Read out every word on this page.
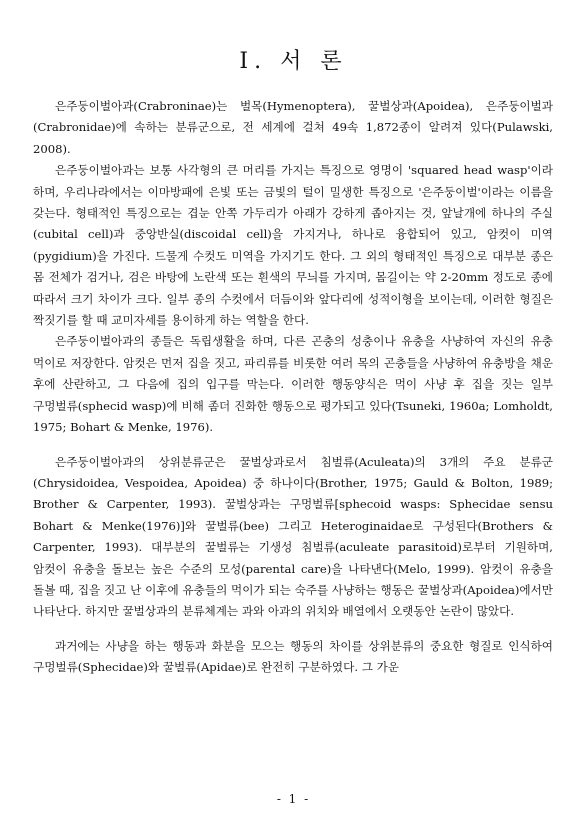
I. 서 론

은주둥이벌아과(Crabroninae)는 벌목(Hymenoptera), 꿀벌상과(Apoidea), 은주둥이벌과(Crabronidae)에 속하는 분류군으로, 전 세계에 걸쳐 49속 1,872종이 알려져 있다(Pulawski, 2008).

은주둥이벌아과는 보통 사각형의 큰 머리를 가지는 특징으로 영명이 'squared head wasp'이라 하며, 우리나라에서는 이마방패에 은빛 또는 금빛의 털이 밀생한 특징으로 '은주둥이벌'이라는 이름을 갖는다. 형태적인 특징으로는 겹눈 안쪽 가두리가 아래가 강하게 좁아지는 것, 앞날개에 하나의 주실(cubital cell)과 중앙반실(discoidal cell)을 가지거나, 하나로 융합되어 있고, 암컷이 미역(pygidium)을 가진다. 드물게 수컷도 미역을 가지기도 한다. 그 외의 형태적인 특징으로 대부분 종은 몸 전체가 검거나, 검은 바탕에 노란색 또는 흰색의 무늬를 가지며, 몸길이는 약 2-20mm 정도로 종에 따라서 크기 차이가 크다. 일부 종의 수컷에서 더듬이와 앞다리에 성적이형을 보이는데, 이러한 형질은 짝짓기를 할 때 교미자세를 용이하게 하는 역할을 한다.

은주둥이벌아과의 종들은 독립생활을 하며, 다른 곤충의 성충이나 유충을 사냥하여 자신의 유충 먹이로 저장한다. 암컷은 먼저 집을 짓고, 파리류를 비롯한 여러 목의 곤충들을 사냥하여 유충방을 채운 후에 산란하고, 그 다음에 집의 입구를 막는다. 이러한 행동양식은 먹이 사냥 후 집을 짓는 일부 구멍벌류(sphecid wasp)에 비해 좀더 진화한 행동으로 평가되고 있다(Tsuneki, 1960a; Lomholdt, 1975; Bohart & Menke, 1976).

은주둥이벌아과의 상위분류군은 꿀벌상과로서 침벌류(Aculeata)의 3개의 주요 분류군(Chrysidoidea, Vespoidea, Apoidea) 중 하나이다(Brother, 1975; Gauld & Bolton, 1989; Brother & Carpenter, 1993). 꿀벌상과는 구멍벌류[sphecoid wasps: Sphecidae sensu Bohart & Menke(1976)]와 꿀벌류(bee) 그리고 Heteroginaidae로 구성된다(Brothers & Carpenter, 1993). 대부분의 꿀벌류는 기생성 침벌류(aculeate parasitoid)로부터 기원하며, 암컷이 유충을 돌보는 높은 수준의 모성(parental care)을 나타낸다(Melo, 1999). 암컷이 유충을 돌볼 때, 집을 짓고 난 이후에 유충들의 먹이가 되는 숙주를 사냥하는 행동은 꿀벌상과(Apoidea)에서만 나타난다. 하지만 꿀벌상과의 분류체계는 과와 아과의 위치와 배열에서 오랫동안 논란이 많았다.

과거에는 사냥을 하는 행동과 화분을 모으는 행동의 차이를 상위분류의 중요한 형질로 인식하여 구멍벌류(Sphecidae)와 꿀벌류(Apidae)로 완전히 구분하였다. 그 가운

- 1 -
